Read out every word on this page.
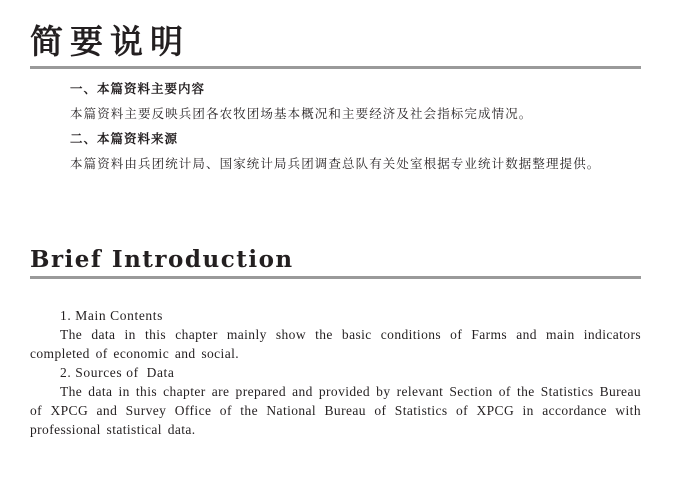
简要说明

一、本篇资料主要内容

本篇资料主要反映兵团各农牧团场基本概况和主要经济及社会指标完成情况。

二、本篇资料来源

本篇资料由兵团统计局、国家统计局兵团调查总队有关处室根据专业统计数据整理提供。

Brief Introduction

1. Main Contents

The data in this chapter mainly show the basic conditions of Farms and main indicators completed of economic and social.

2. Sources of  Data

The data in this chapter are prepared and provided by relevant Section of the Statistics Bureau of XPCG and Survey Office of the National Bureau of Statistics of XPCG in accordance with professional statistical data.
